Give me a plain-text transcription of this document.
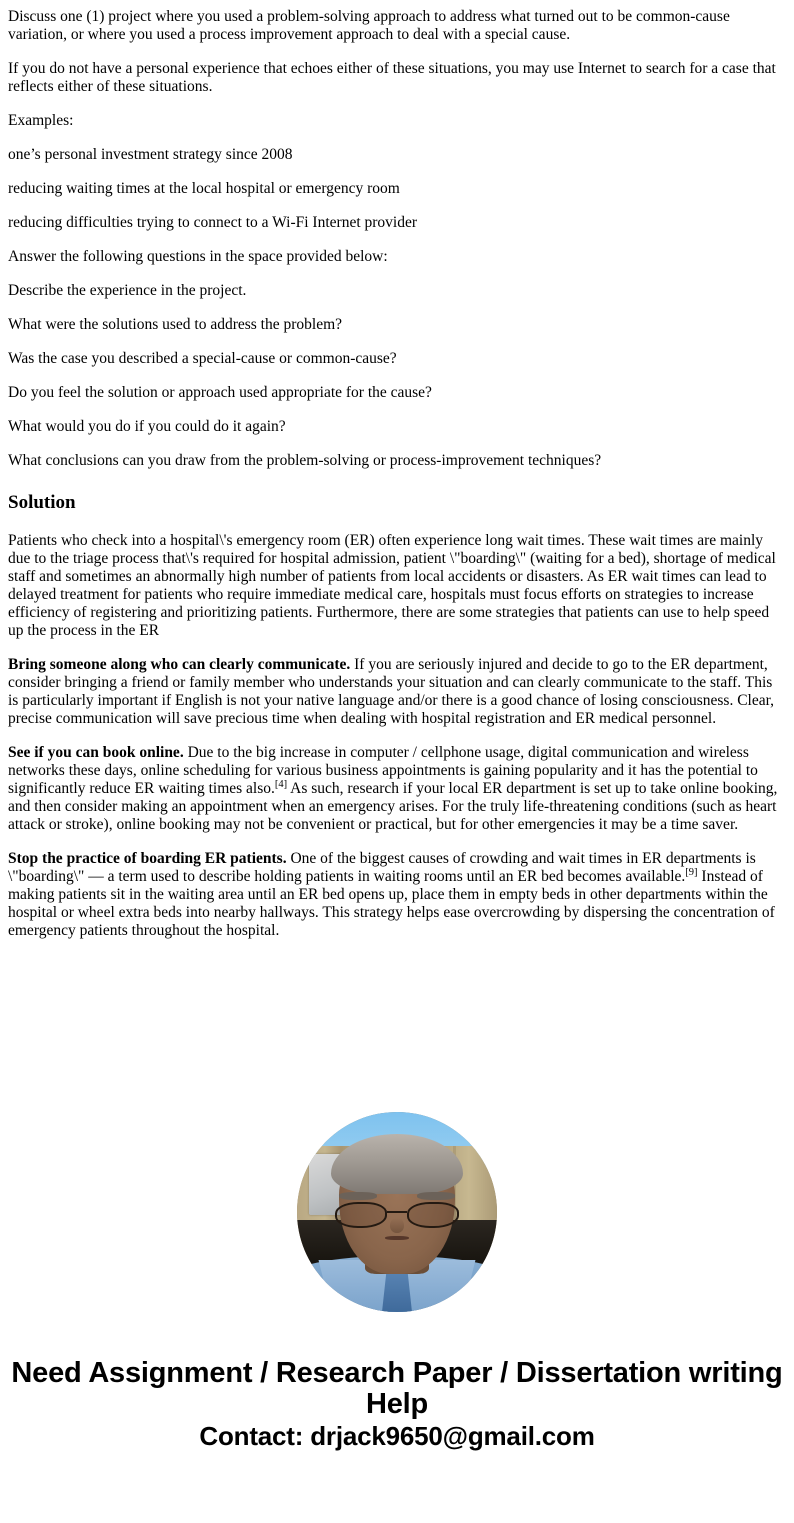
Discuss one (1) project where you used a problem-solving approach to address what turned out to be common-cause variation, or where you used a process improvement approach to deal with a special cause.

If you do not have a personal experience that echoes either of these situations, you may use Internet to search for a case that reflects either of these situations.

Examples:

one’s personal investment strategy since 2008

reducing waiting times at the local hospital or emergency room

reducing difficulties trying to connect to a Wi-Fi Internet provider

Answer the following questions in the space provided below:

Describe the experience in the project.

What were the solutions used to address the problem?

Was the case you described a special-cause or common-cause?

Do you feel the solution or approach used appropriate for the cause?

What would you do if you could do it again?

What conclusions can you draw from the problem-solving or process-improvement techniques?

Solution

Patients who check into a hospital\'s emergency room (ER) often experience long wait times. These wait times are mainly due to the triage process that\'s required for hospital admission, patient \"boarding\" (waiting for a bed), shortage of medical staff and sometimes an abnormally high number of patients from local accidents or disasters. As ER wait times can lead to delayed treatment for patients who require immediate medical care, hospitals must focus efforts on strategies to increase efficiency of registering and prioritizing patients. Furthermore, there are some strategies that patients can use to help speed up the process in the ER

Bring someone along who can clearly communicate. If you are seriously injured and decide to go to the ER department, consider bringing a friend or family member who understands your situation and can clearly communicate to the staff. This is particularly important if English is not your native language and/or there is a good chance of losing consciousness. Clear, precise communication will save precious time when dealing with hospital registration and ER medical personnel.

See if you can book online. Due to the big increase in computer / cellphone usage, digital communication and wireless networks these days, online scheduling for various business appointments is gaining popularity and it has the potential to significantly reduce ER waiting times also.[4] As such, research if your local ER department is set up to take online booking, and then consider making an appointment when an emergency arises. For the truly life-threatening conditions (such as heart attack or stroke), online booking may not be convenient or practical, but for other emergencies it may be a time saver.

Stop the practice of boarding ER patients. One of the biggest causes of crowding and wait times in ER departments is \"boarding\" — a term used to describe holding patients in waiting rooms until an ER bed becomes available.[9] Instead of making patients sit in the waiting area until an ER bed opens up, place them in empty beds in other departments within the hospital or wheel extra beds into nearby hallways. This strategy helps ease overcrowding by dispersing the concentration of emergency patients throughout the hospital.

Need Assignment / Research Paper / Dissertation writing Help
Contact: drjack9650@gmail.com
